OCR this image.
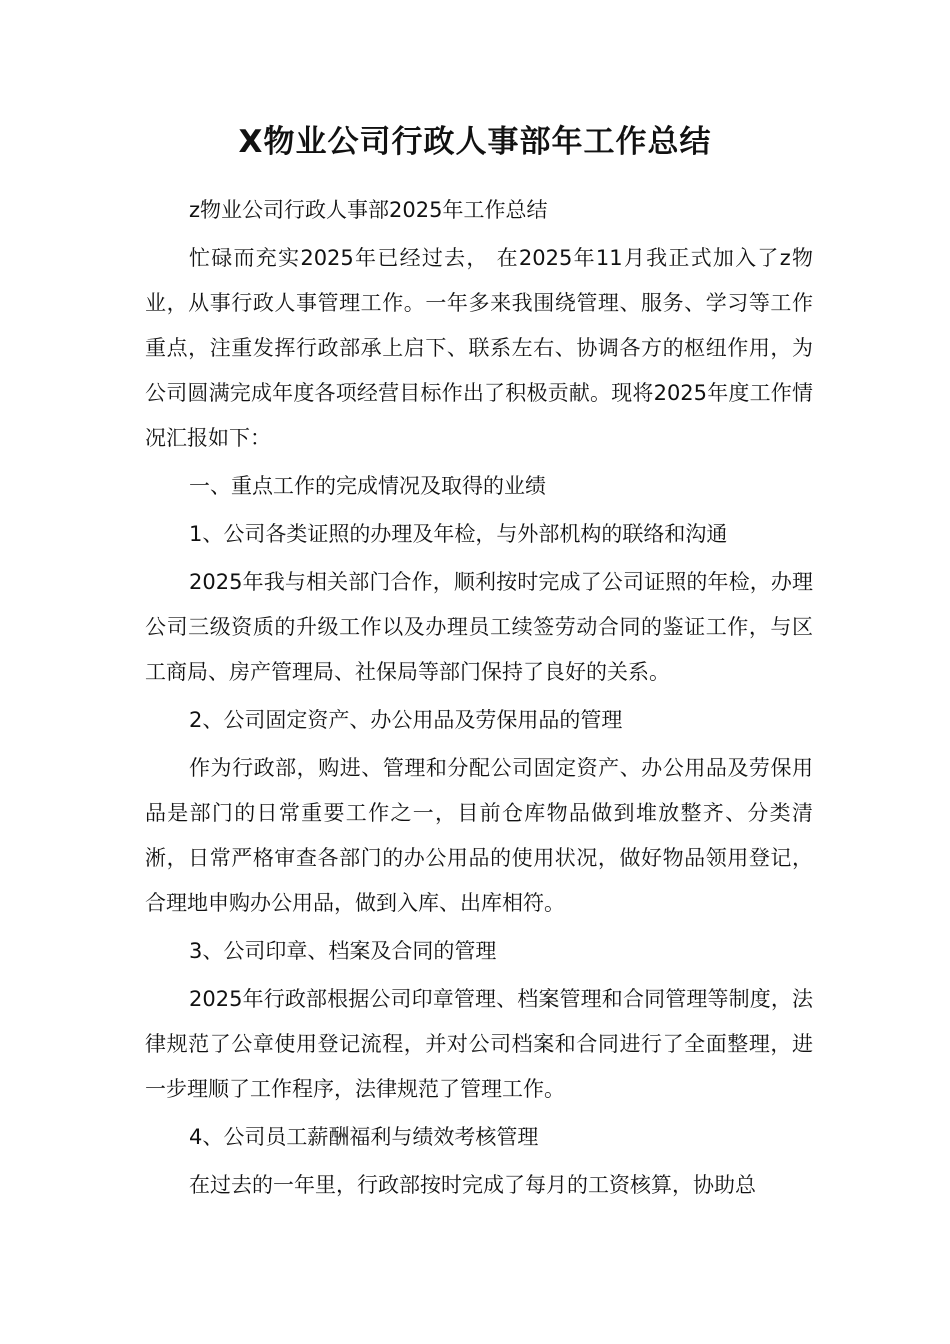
X物业公司行政人事部年工作总结

z物业公司行政人事部2025年工作总结

忙碌而充实2025年已经过去， 在2025年11月我正式加入了z物业，从事行政人事管理工作。一年多来我围绕管理、服务、学习等工作重点，注重发挥行政部承上启下、联系左右、协调各方的枢纽作用，为公司圆满完成年度各项经营目标作出了积极贡献。现将2025年度工作情况汇报如下：

一、重点工作的完成情况及取得的业绩

1、公司各类证照的办理及年检，与外部机构的联络和沟通

2025年我与相关部门合作，顺利按时完成了公司证照的年检，办理公司三级资质的升级工作以及办理员工续签劳动合同的鉴证工作，与区工商局、房产管理局、社保局等部门保持了良好的关系。

2、公司固定资产、办公用品及劳保用品的管理

作为行政部，购进、管理和分配公司固定资产、办公用品及劳保用品是部门的日常重要工作之一，目前仓库物品做到堆放整齐、分类清淅，日常严格审查各部门的办公用品的使用状况，做好物品领用登记，合理地申购办公用品，做到入库、出库相符。

3、公司印章、档案及合同的管理

2025年行政部根据公司印章管理、档案管理和合同管理等制度，法律规范了公章使用登记流程，并对公司档案和合同进行了全面整理，进一步理顺了工作程序，法律规范了管理工作。

4、公司员工薪酬福利与绩效考核管理

在过去的一年里，行政部按时完成了每月的工资核算，协助总
